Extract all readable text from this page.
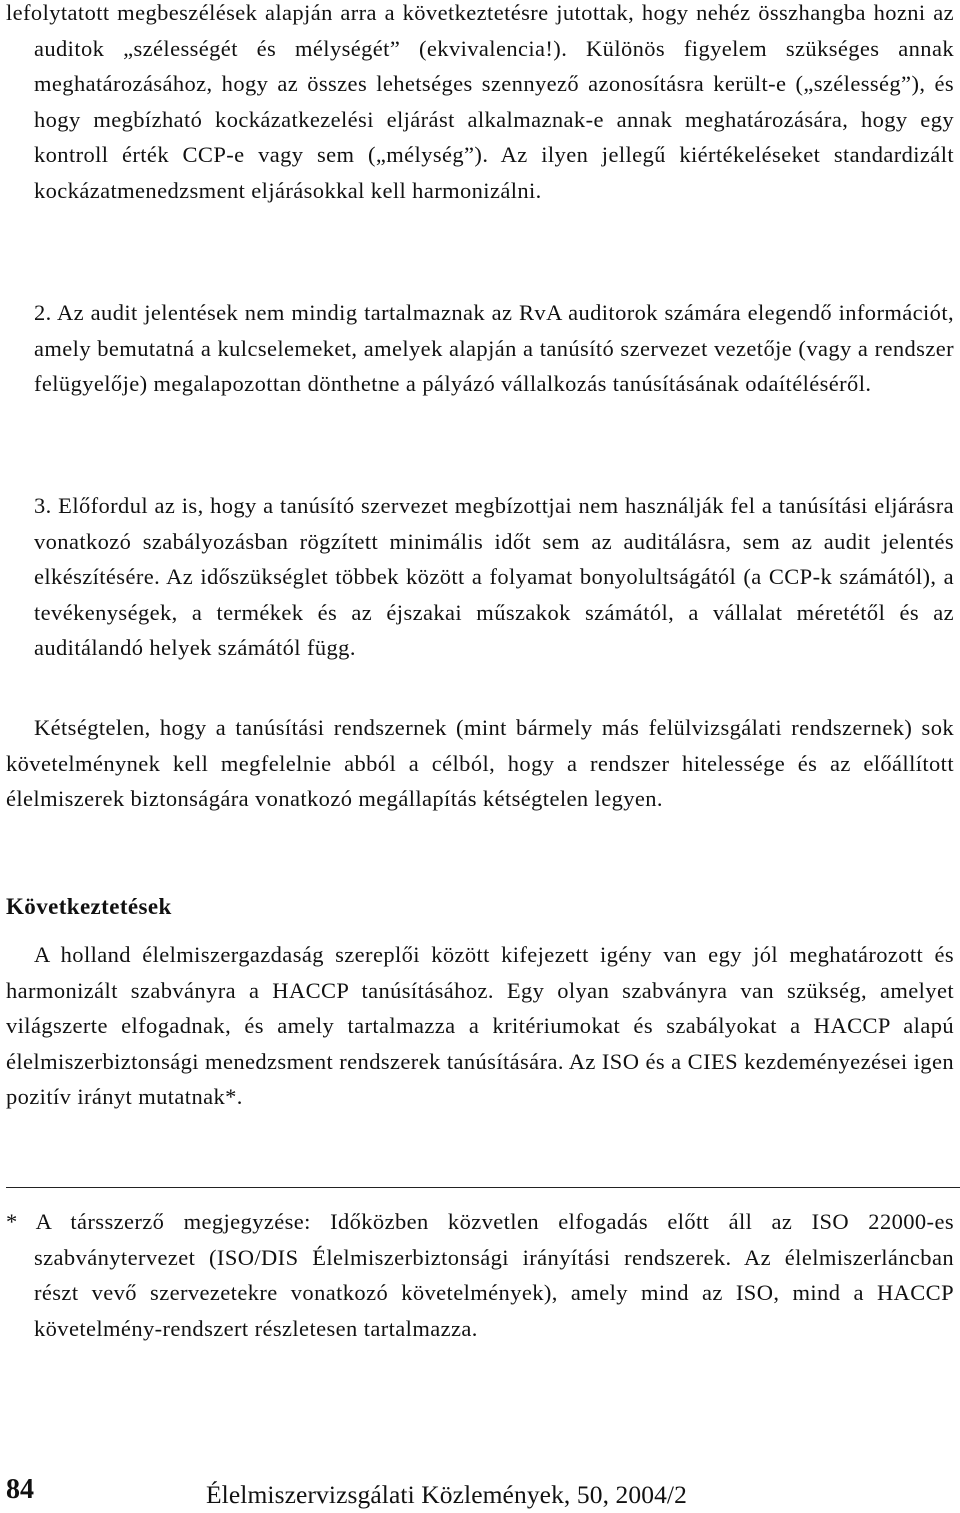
lefolytatott megbeszélések alapján arra a következtetésre jutottak, hogy nehéz összhangba hozni az auditok „szélességét és mélységét” (ekvivalencia!). Különös figyelem szükséges annak meghatározásához, hogy az összes lehetséges szennyező azonosításra került-e („szélesség”), és hogy megbízható kockázatkezelési eljárást alkalmaznak-e annak meghatározására, hogy egy kontroll érték CCP-e vagy sem („mélység”). Az ilyen jellegű kiértékeléseket standardizált kockázatmenedzsment eljárásokkal kell harmonizálni.
2. Az audit jelentések nem mindig tartalmaznak az RvA auditorok számára elegendő információt, amely bemutatná a kulcselemeket, amelyek alapján a tanúsító szervezet vezetője (vagy a rendszer felügyelője) megalapozottan dönthetne a pályázó vállalkozás tanúsításának odaítéléséről.
3. Előfordul az is, hogy a tanúsító szervezet megbízottjai nem használják fel a tanúsítási eljárásra vonatkozó szabályozásban rögzített minimális időt sem az auditálásra, sem az audit jelentés elkészítésére. Az időszükséglet többek között a folyamat bonyolultságától (a CCP-k számától), a tevékenységek, a termékek és az éjszakai műszakok számától, a vállalat méretétől és az auditálandó helyek számától függ.
Kétségtelen, hogy a tanúsítási rendszernek (mint bármely más felülvizsgálati rendszernek) sok követelménynek kell megfelelnie abból a célból, hogy a rendszer hitelessége és az előállított élelmiszerek biztonságára vonatkozó megállapítás kétségtelen legyen.
Következtetések
A holland élelmiszergazdaság szereplői között kifejezett igény van egy jól meghatározott és harmonizált szabványra a HACCP tanúsításához. Egy olyan szabványra van szükség, amelyet világszerte elfogadnak, és amely tartalmazza a kritériumokat és szabályokat a HACCP alapú élelmiszerbiztonsági menedzsment rendszerek tanúsítására. Az ISO és a CIES kezdeményezései igen pozitív irányt mutatnak*.
* A társszerző megjegyzése: Időközben közvetlen elfogadás előtt áll az ISO 22000-es szabványtervezet (ISO/DIS Élelmiszerbiztonsági irányítási rendszerek. Az élelmiszerláncban részt vevő szervezetekre vonatkozó követelmények), amely mind az ISO, mind a HACCP követelmény-rendszert részletesen tartalmazza.
84	Élelmiszervizsgálati Közlemények, 50, 2004/2
